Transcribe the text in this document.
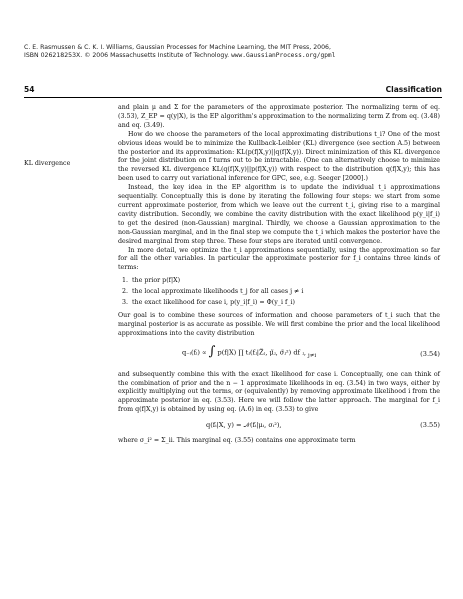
C. E. Rasmussen & C. K. I. Williams, Gaussian Processes for Machine Learning, the MIT Press, 2006,
ISBN 026218253X. © 2006 Massachusetts Institute of Technology. www.GaussianProcess.org/gpml
54	Classification
KL divergence

and plain μ and Σ for the parameters of the approximate posterior. The normalizing term of eq. (3.53), Z_EP = q(y|X), is the EP algorithm's approximation to the normalizing term Z from eq. (3.48) and eq. (3.49).

How do we choose the parameters of the local approximating distributions t_i? One of the most obvious ideas would be to minimize the Kullback-Leibler (KL) divergence (see section A.5) between the posterior and its approximation: KL(p(f|X,y)||q(f|X,y)). Direct minimization of this KL divergence for the joint distribution on f turns out to be intractable. (One can alternatively choose to minimize the reversed KL divergence KL(q(f|X,y)||p(f|X,y)) with respect to the distribution q(f|X,y); this has been used to carry out variational inference for GPC, see, e.g. Seeger [2000].)

Instead, the key idea in the EP algorithm is to update the individual t_i approximations sequentially. Conceptually this is done by iterating the following four steps: we start from some current approximate posterior, from which we leave out the current t_i, giving rise to a marginal cavity distribution. Secondly, we combine the cavity distribution with the exact likelihood p(y_i|f_i) to get the desired (non-Gaussian) marginal. Thirdly, we choose a Gaussian approximation to the non-Gaussian marginal, and in the final step we compute the t_i which makes the posterior have the desired marginal from step three. These four steps are iterated until convergence.

In more detail, we optimize the t_i approximations sequentially, using the approximation so far for all the other variables. In particular the approximate posterior for f_i contains three kinds of terms:

1. the prior p(f|X)
2. the local approximate likelihoods t_j for all cases j ≠ i
3. the exact likelihood for case i, p(y_i|f_i) = Φ(y_i f_i)

Our goal is to combine these sources of information and choose parameters of t_i such that the marginal posterior is as accurate as possible. We will first combine the prior and the local likelihood approximations into the cavity distribution

q₋ᵢ(fᵢ) ∝ ∫ p(f|X) ∏ tⱼ(fⱼ|Z̃ⱼ, μ̃ⱼ, σ̃ⱼ²) df ⱼ, $_{j\ne i}$	(3.54)

and subsequently combine this with the exact likelihood for case i. Conceptually, one can think of the combination of prior and the n − 1 approximate likelihoods in eq. (3.54) in two ways, either by explicitly multiplying out the terms, or (equivalently) by removing approximate likelihood i from the approximate posterior in eq. (3.53). Here we will follow the latter approach. The marginal for f_i from q(f|X,y) is obtained by using eq. (A.6) in eq. (3.53) to give

q(fᵢ|X, y) = 𝒩(fᵢ|μᵢ, σᵢ²),	(3.55)

where σ_i² = Σ_ii. This marginal eq. (3.55) contains one approximate term
